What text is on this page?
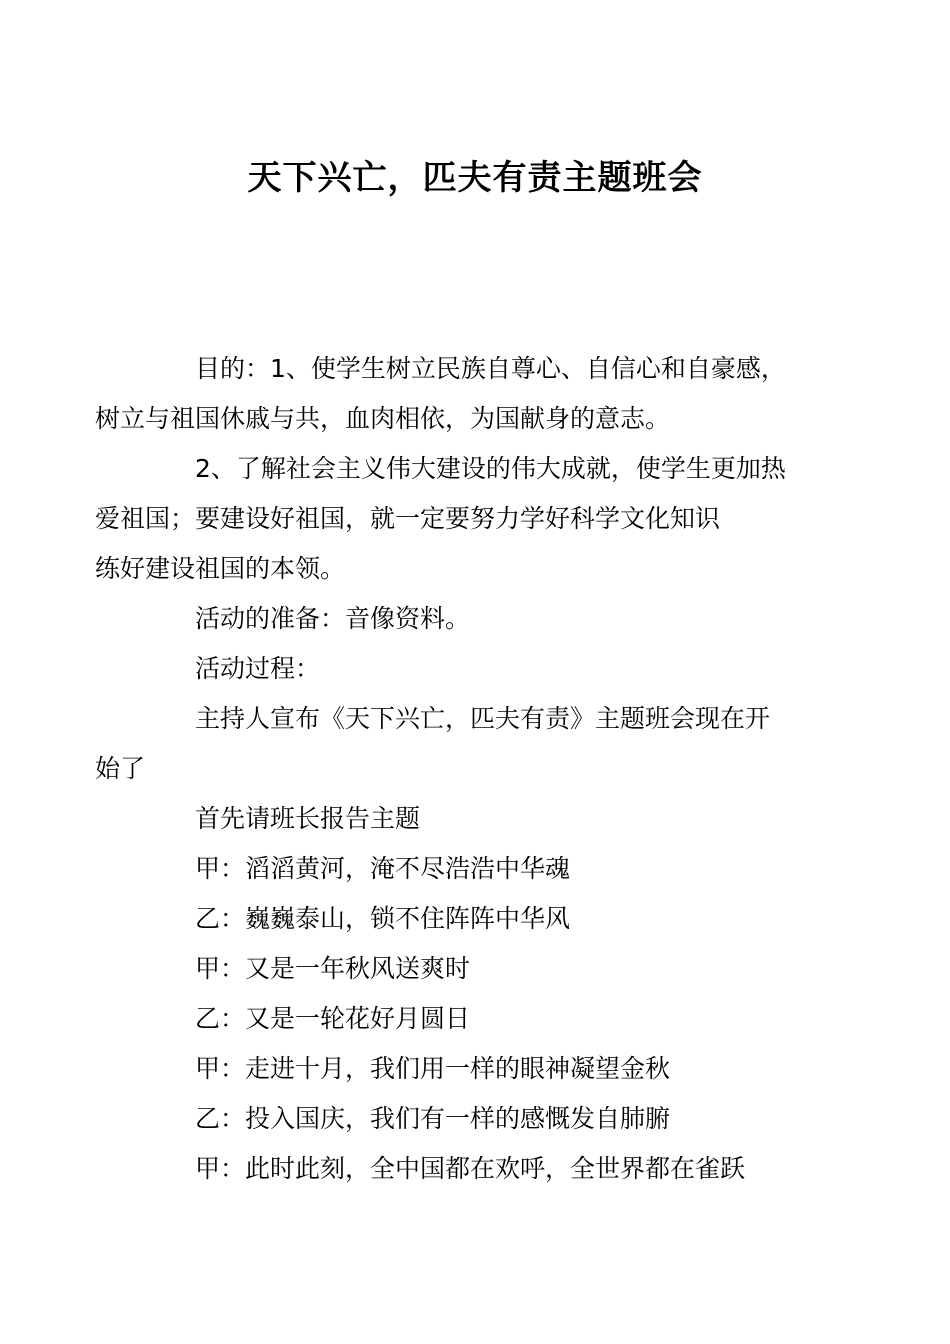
天下兴亡，匹夫有责主题班会

目的：1、使学生树立民族自尊心、自信心和自豪感，
树立与祖国休戚与共，血肉相依，为国献身的意志。

2、了解社会主义伟大建设的伟大成就，使学生更加热
爱祖国；要建设好祖国，就一定要努力学好科学文化知识
练好建设祖国的本领。

活动的准备：音像资料。

活动过程：

主持人宣布《天下兴亡，匹夫有责》主题班会现在开
始了

首先请班长报告主题

甲：滔滔黄河，淹不尽浩浩中华魂

乙：巍巍泰山，锁不住阵阵中华风

甲：又是一年秋风送爽时

乙：又是一轮花好月圆日

甲：走进十月，我们用一样的眼神凝望金秋

乙：投入国庆，我们有一样的感慨发自肺腑

甲：此时此刻，全中国都在欢呼，全世界都在雀跃
